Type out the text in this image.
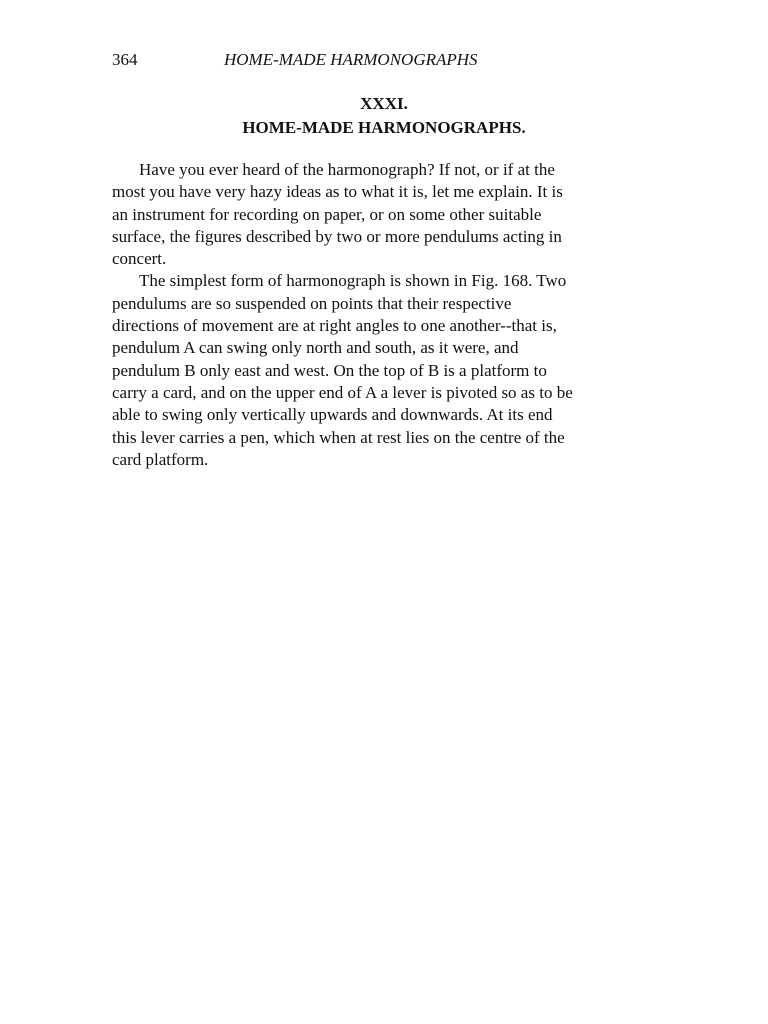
364	HOME-MADE HARMONOGRAPHS
XXXI.
HOME-MADE HARMONOGRAPHS.
Have you ever heard of the harmonograph? If not, or if at the
most you have very hazy ideas as to what it is, let me explain. It is
an instrument for recording on paper, or on some other suitable
surface, the figures described by two or more pendulums acting in
concert.
The simplest form of harmonograph is shown in Fig. 168. Two
pendulums are so suspended on points that their respective
directions of movement are at right angles to one another--that is,
pendulum A can swing only north and south, as it were, and
pendulum B only east and west. On the top of B is a platform to
carry a card, and on the upper end of A a lever is pivoted so as to be
able to swing only vertically upwards and downwards. At its end
this lever carries a pen, which when at rest lies on the centre of the
card platform.
